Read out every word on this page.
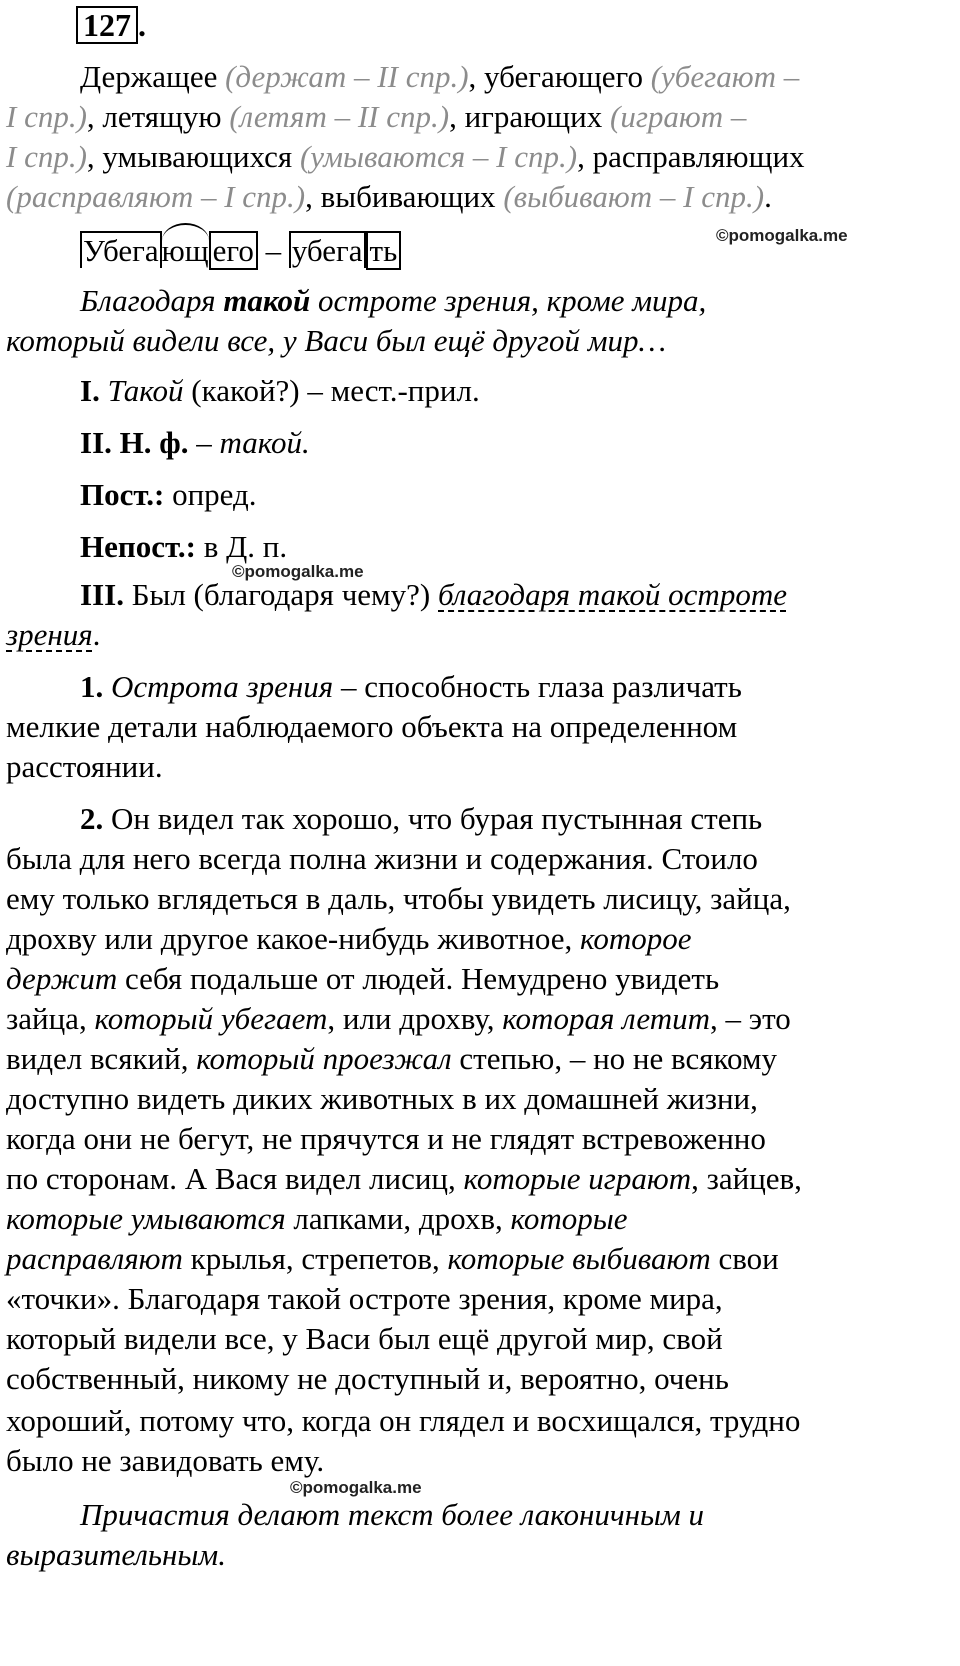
127 .
Держащее (держат – II спр.), убегающего (убегают –
I спр.), летящую (летят – II спр.), играющих (играют –
I спр.), умывающихся (умываются – I спр.), расправляющих
(расправляют – I спр.), выбивающих (выбивают – I спр.).
Убегающ его – убега ть	©pomogalka.me
Благодаря такой остроте зрения, кроме мира,
который видели все, у Васи был ещё другой мир…
I. Такой (какой?) – мест.-прил.
II. Н. ф. – такой.
Пост.: опред.
Непост.: в Д. п.
©pomogalka.me
III. Был (благодаря чему?) благодаря такой остроте
зрения.
1. Острота зрения – способность глаза различать
мелкие детали наблюдаемого объекта на определенном
расстоянии.
2. Он видел так хорошо, что бурая пустынная степь
была для него всегда полна жизни и содержания. Стоило
ему только вглядеться в даль, чтобы увидеть лисицу, зайца,
дрохву или другое какое-нибудь животное, которое
держит себя подальше от людей. Немудрено увидеть
зайца, который убегает, или дрохву, которая летит, – это
видел всякий, который проезжал степью, – но не всякому
доступно видеть диких животных в их домашней жизни,
когда они не бегут, не прячутся и не глядят встревоженно
по сторонам. А Вася видел лисиц, которые играют, зайцев,
которые умываются лапками, дрохв, которые
расправляют крылья, стрепетов, которые выбивают свои
«точки». Благодаря такой остроте зрения, кроме мира,
который видели все, у Васи был ещё другой мир, свой
собственный, никому не доступный и, вероятно, очень
хороший, потому что, когда он глядел и восхищался, трудно
было не завидовать ему.
©pomogalka.me
Причастия делают текст более лаконичным и
выразительным.
